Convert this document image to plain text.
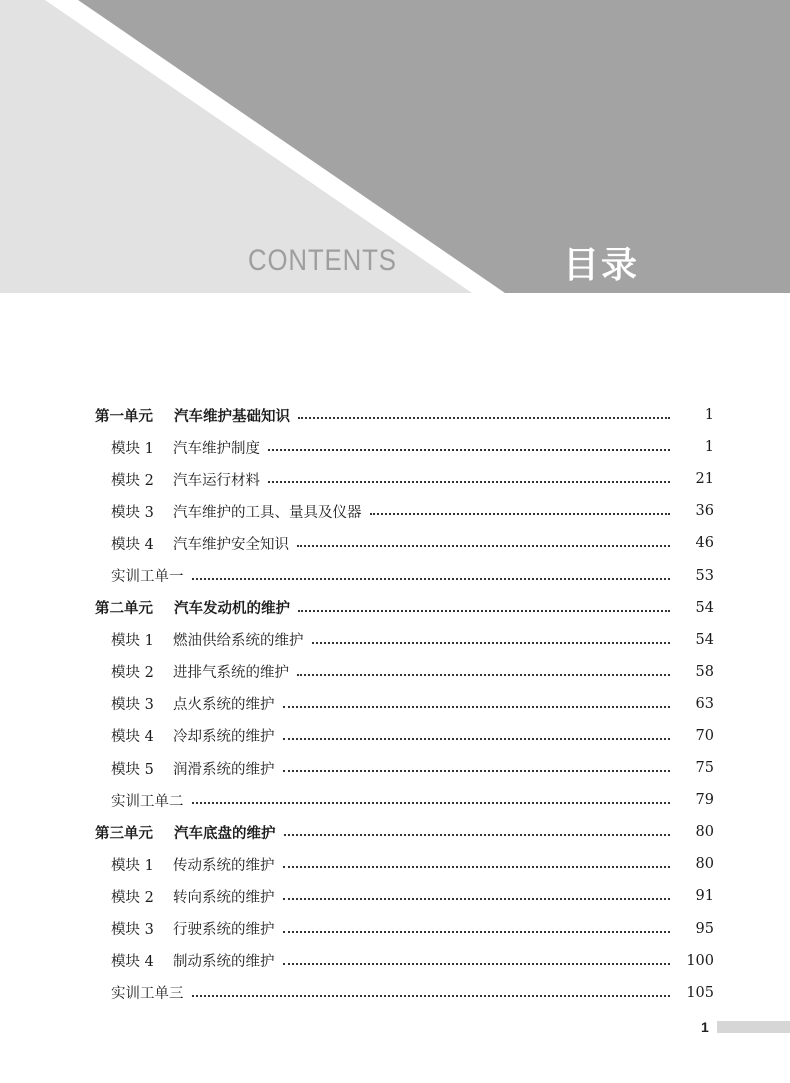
CONTENTS	目录
第一单元	汽车维护基础知识	1
模块 1	汽车维护制度	1
模块 2	汽车运行材料	21
模块 3	汽车维护的工具、量具及仪器	36
模块 4	汽车维护安全知识	46
实训工单一	53
第二单元	汽车发动机的维护	54
模块 1	燃油供给系统的维护	54
模块 2	进排气系统的维护	58
模块 3	点火系统的维护	63
模块 4	冷却系统的维护	70
模块 5	润滑系统的维护	75
实训工单二	79
第三单元	汽车底盘的维护	80
模块 1	传动系统的维护	80
模块 2	转向系统的维护	91
模块 3	行驶系统的维护	95
模块 4	制动系统的维护	100
实训工单三	105
1
